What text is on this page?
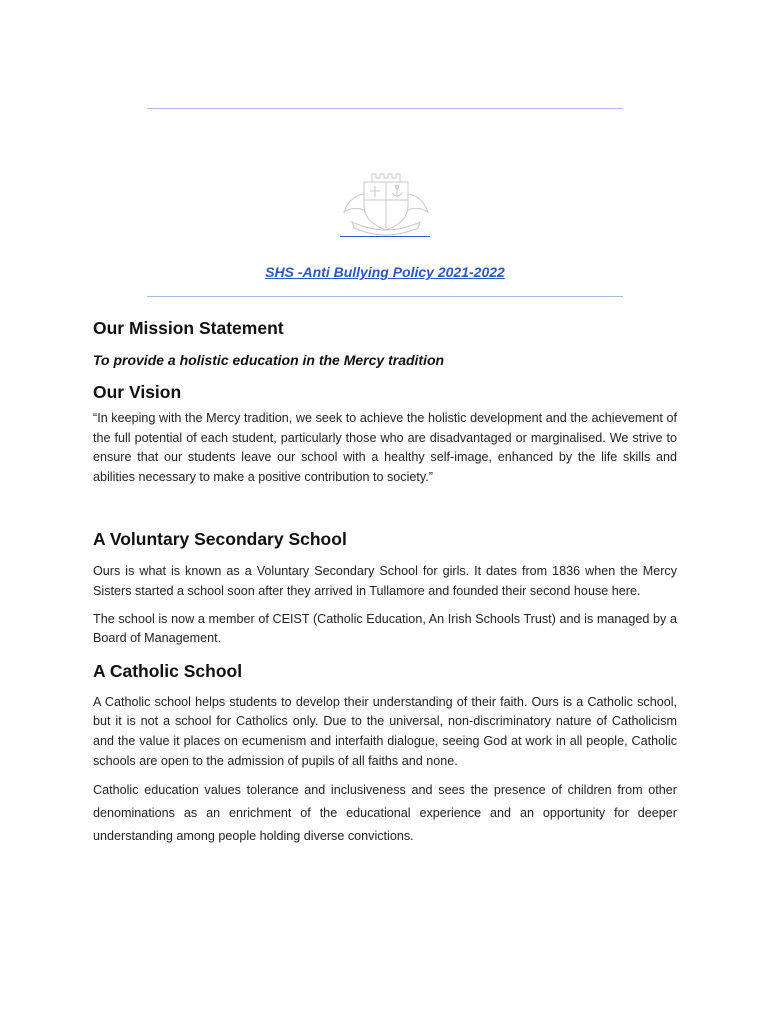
SHS -Anti Bullying Policy 2021-2022
Our Mission Statement
To provide a holistic education in the Mercy tradition
Our Vision

“In keeping with the Mercy tradition, we seek to achieve the holistic development and the achievement of the full potential of each student, particularly those who are disadvantaged or marginalised. We strive to ensure that our students leave our school with a healthy self-image, enhanced by the life skills and abilities necessary to make a positive contribution to society.”

A Voluntary Secondary School

Ours is what is known as a Voluntary Secondary School for girls. It dates from 1836 when the Mercy Sisters started a school soon after they arrived in Tullamore and founded their second house here.

The school is now a member of CEIST (Catholic Education, An Irish Schools Trust) and is managed by a Board of Management.

A Catholic School

A Catholic school helps students to develop their understanding of their faith. Ours is a Catholic school, but it is not a school for Catholics only. Due to the universal, non-discriminatory nature of Catholicism and the value it places on ecumenism and interfaith dialogue, seeing God at work in all people, Catholic schools are open to the admission of pupils of all faiths and none.

Catholic education values tolerance and inclusiveness and sees the presence of children from other denominations as an enrichment of the educational experience and an opportunity for deeper understanding among people holding diverse convictions.
